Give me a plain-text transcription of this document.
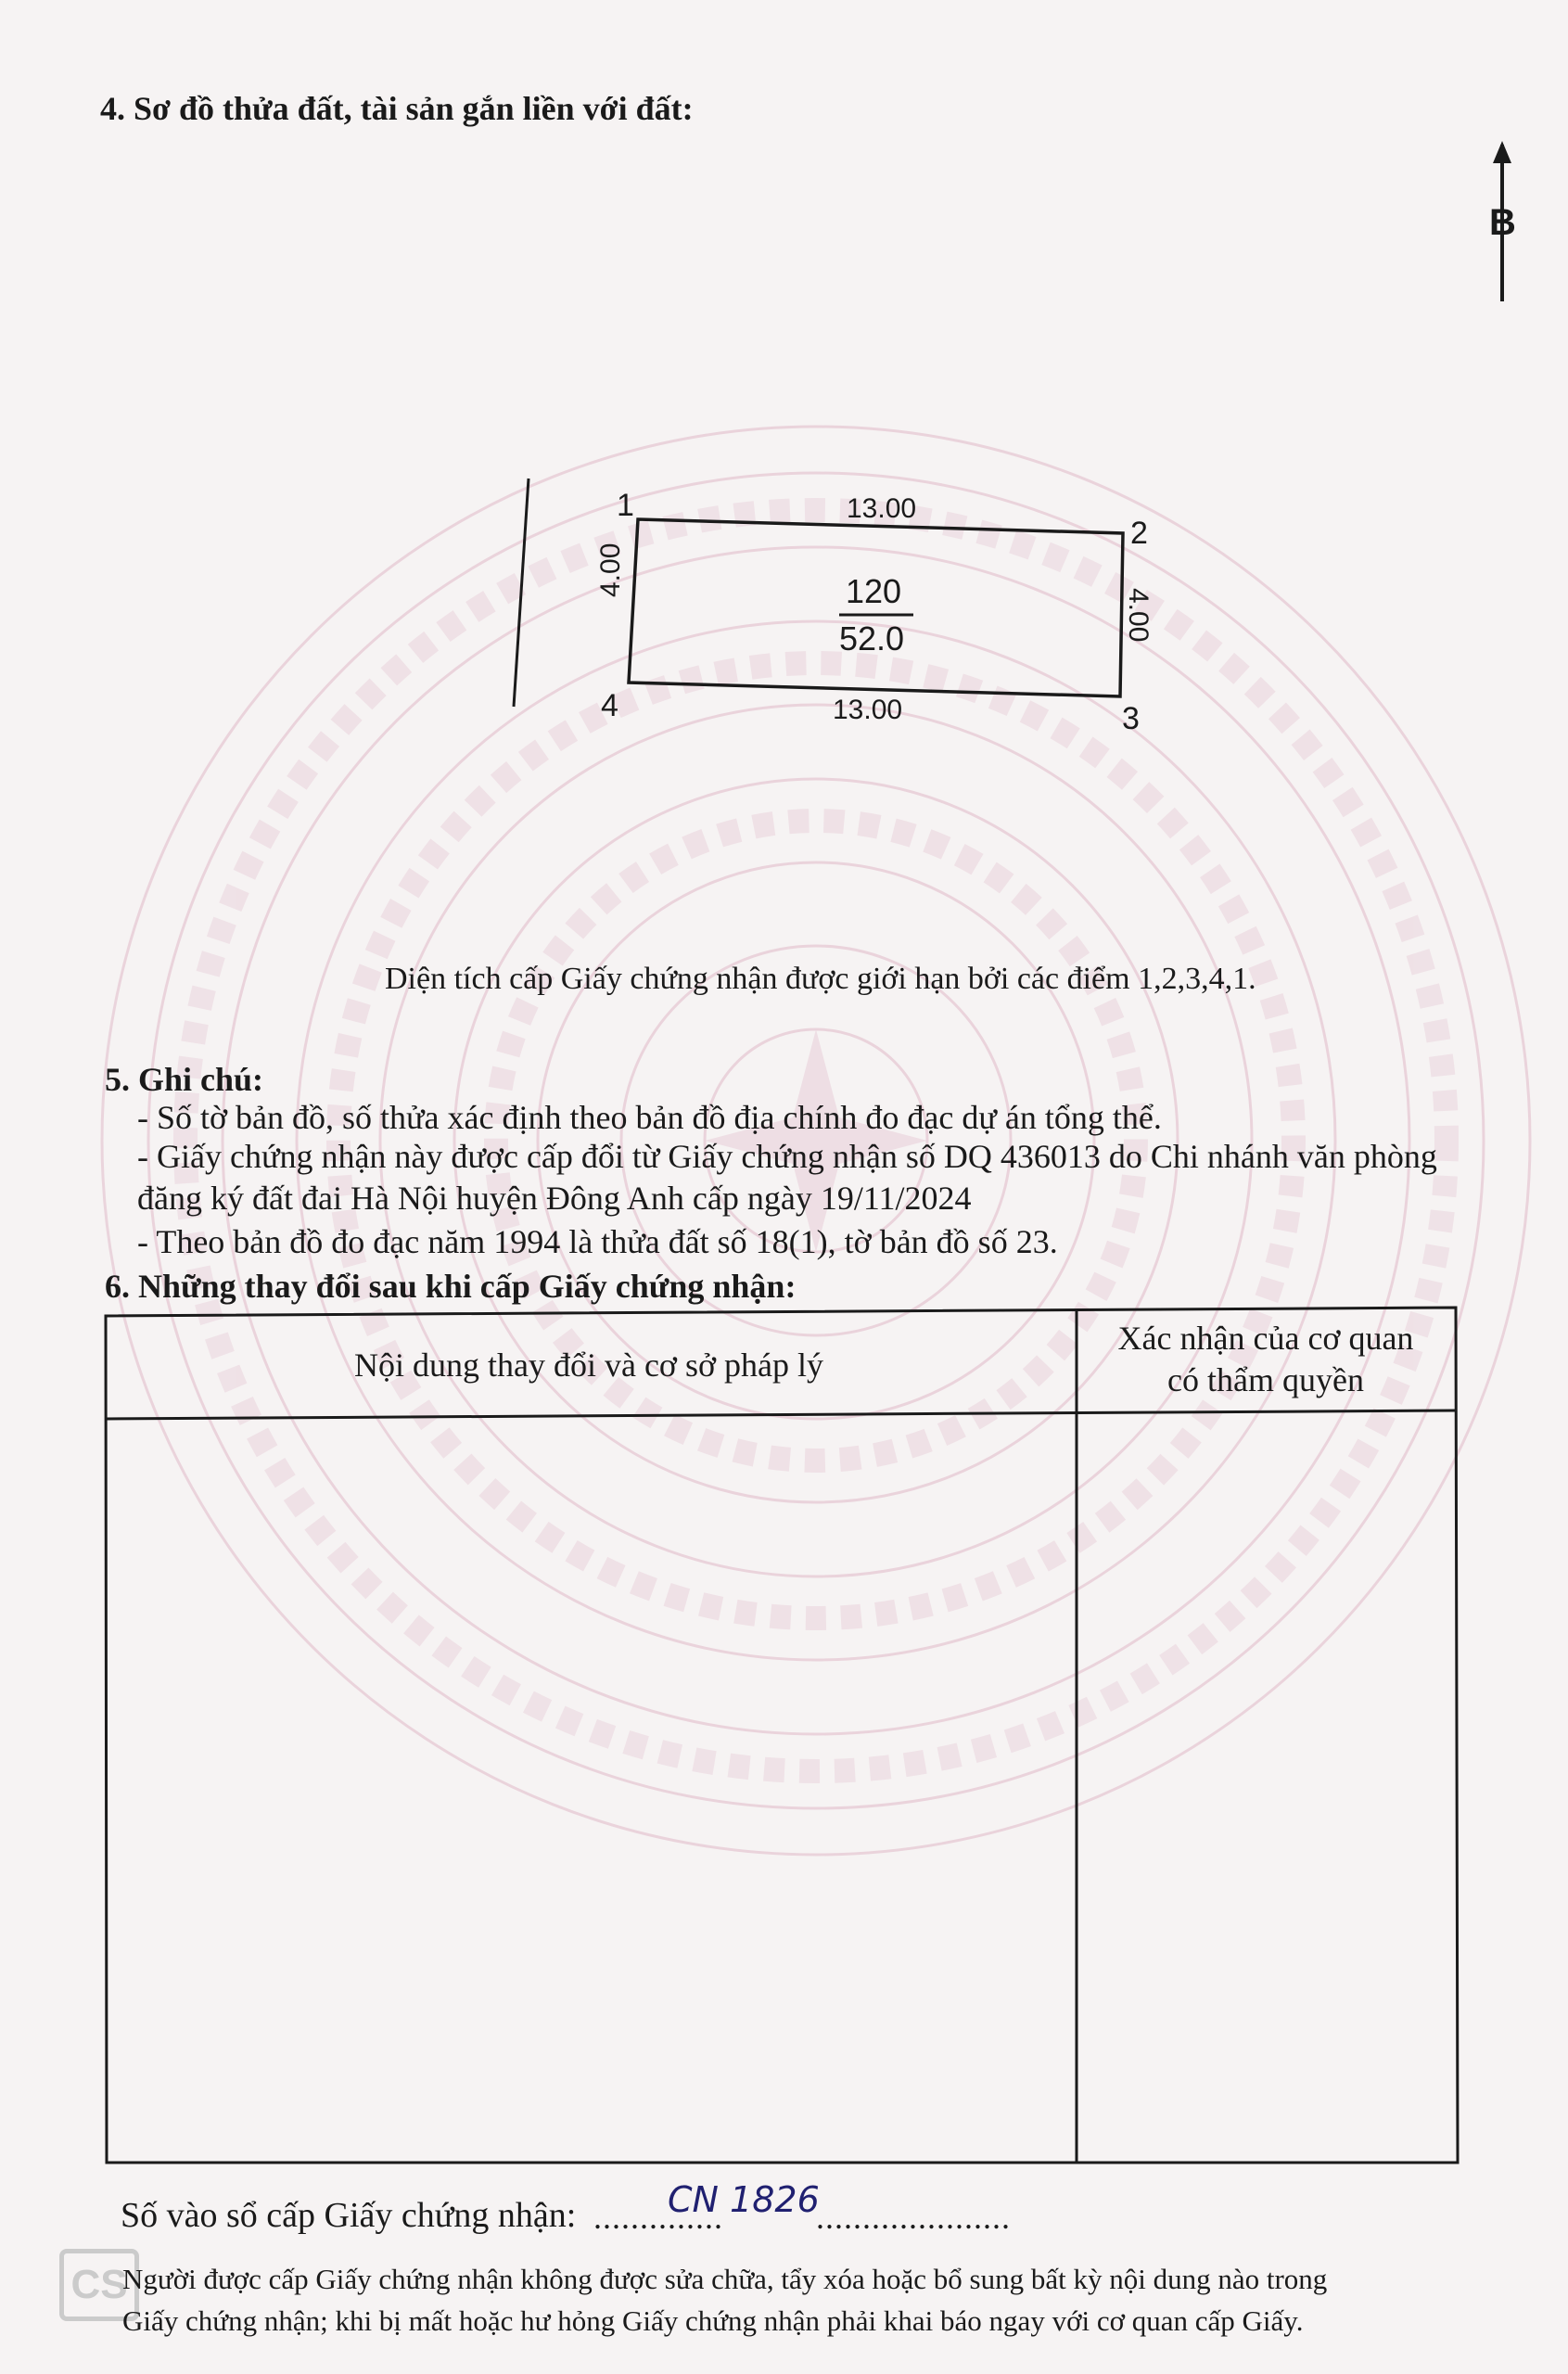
4. Sơ đồ thửa đất, tài sản gắn liền với đất:
B
1
2
3
4
13.00
13.00
4.00
4.00
120
52.0
Diện tích cấp Giấy chứng nhận được giới hạn bởi các điểm 1,2,3,4,1.
5. Ghi chú:
- Số tờ bản đồ, số thửa xác định theo bản đồ địa chính đo đạc dự án tổng thể.
- Giấy chứng nhận này được cấp đổi từ Giấy chứng nhận số DQ 436013 do Chi nhánh văn phòng
đăng ký đất đai Hà Nội huyện Đông Anh cấp ngày 19/11/2024
- Theo bản đồ đo đạc năm 1994 là thửa đất số 18(1), tờ bản đồ số 23.
6. Những thay đổi sau khi cấp Giấy chứng nhận:
Nội dung thay đổi và cơ sở pháp lý
Xác nhận của cơ quan
có thẩm quyền
Số vào sổ cấp Giấy chứng nhận: ..............
CN 1826
.....................
CS
Người được cấp Giấy chứng nhận không được sửa chữa, tẩy xóa hoặc bổ sung bất kỳ nội dung nào trong
Giấy chứng nhận; khi bị mất hoặc hư hỏng Giấy chứng nhận phải khai báo ngay với cơ quan cấp Giấy.
